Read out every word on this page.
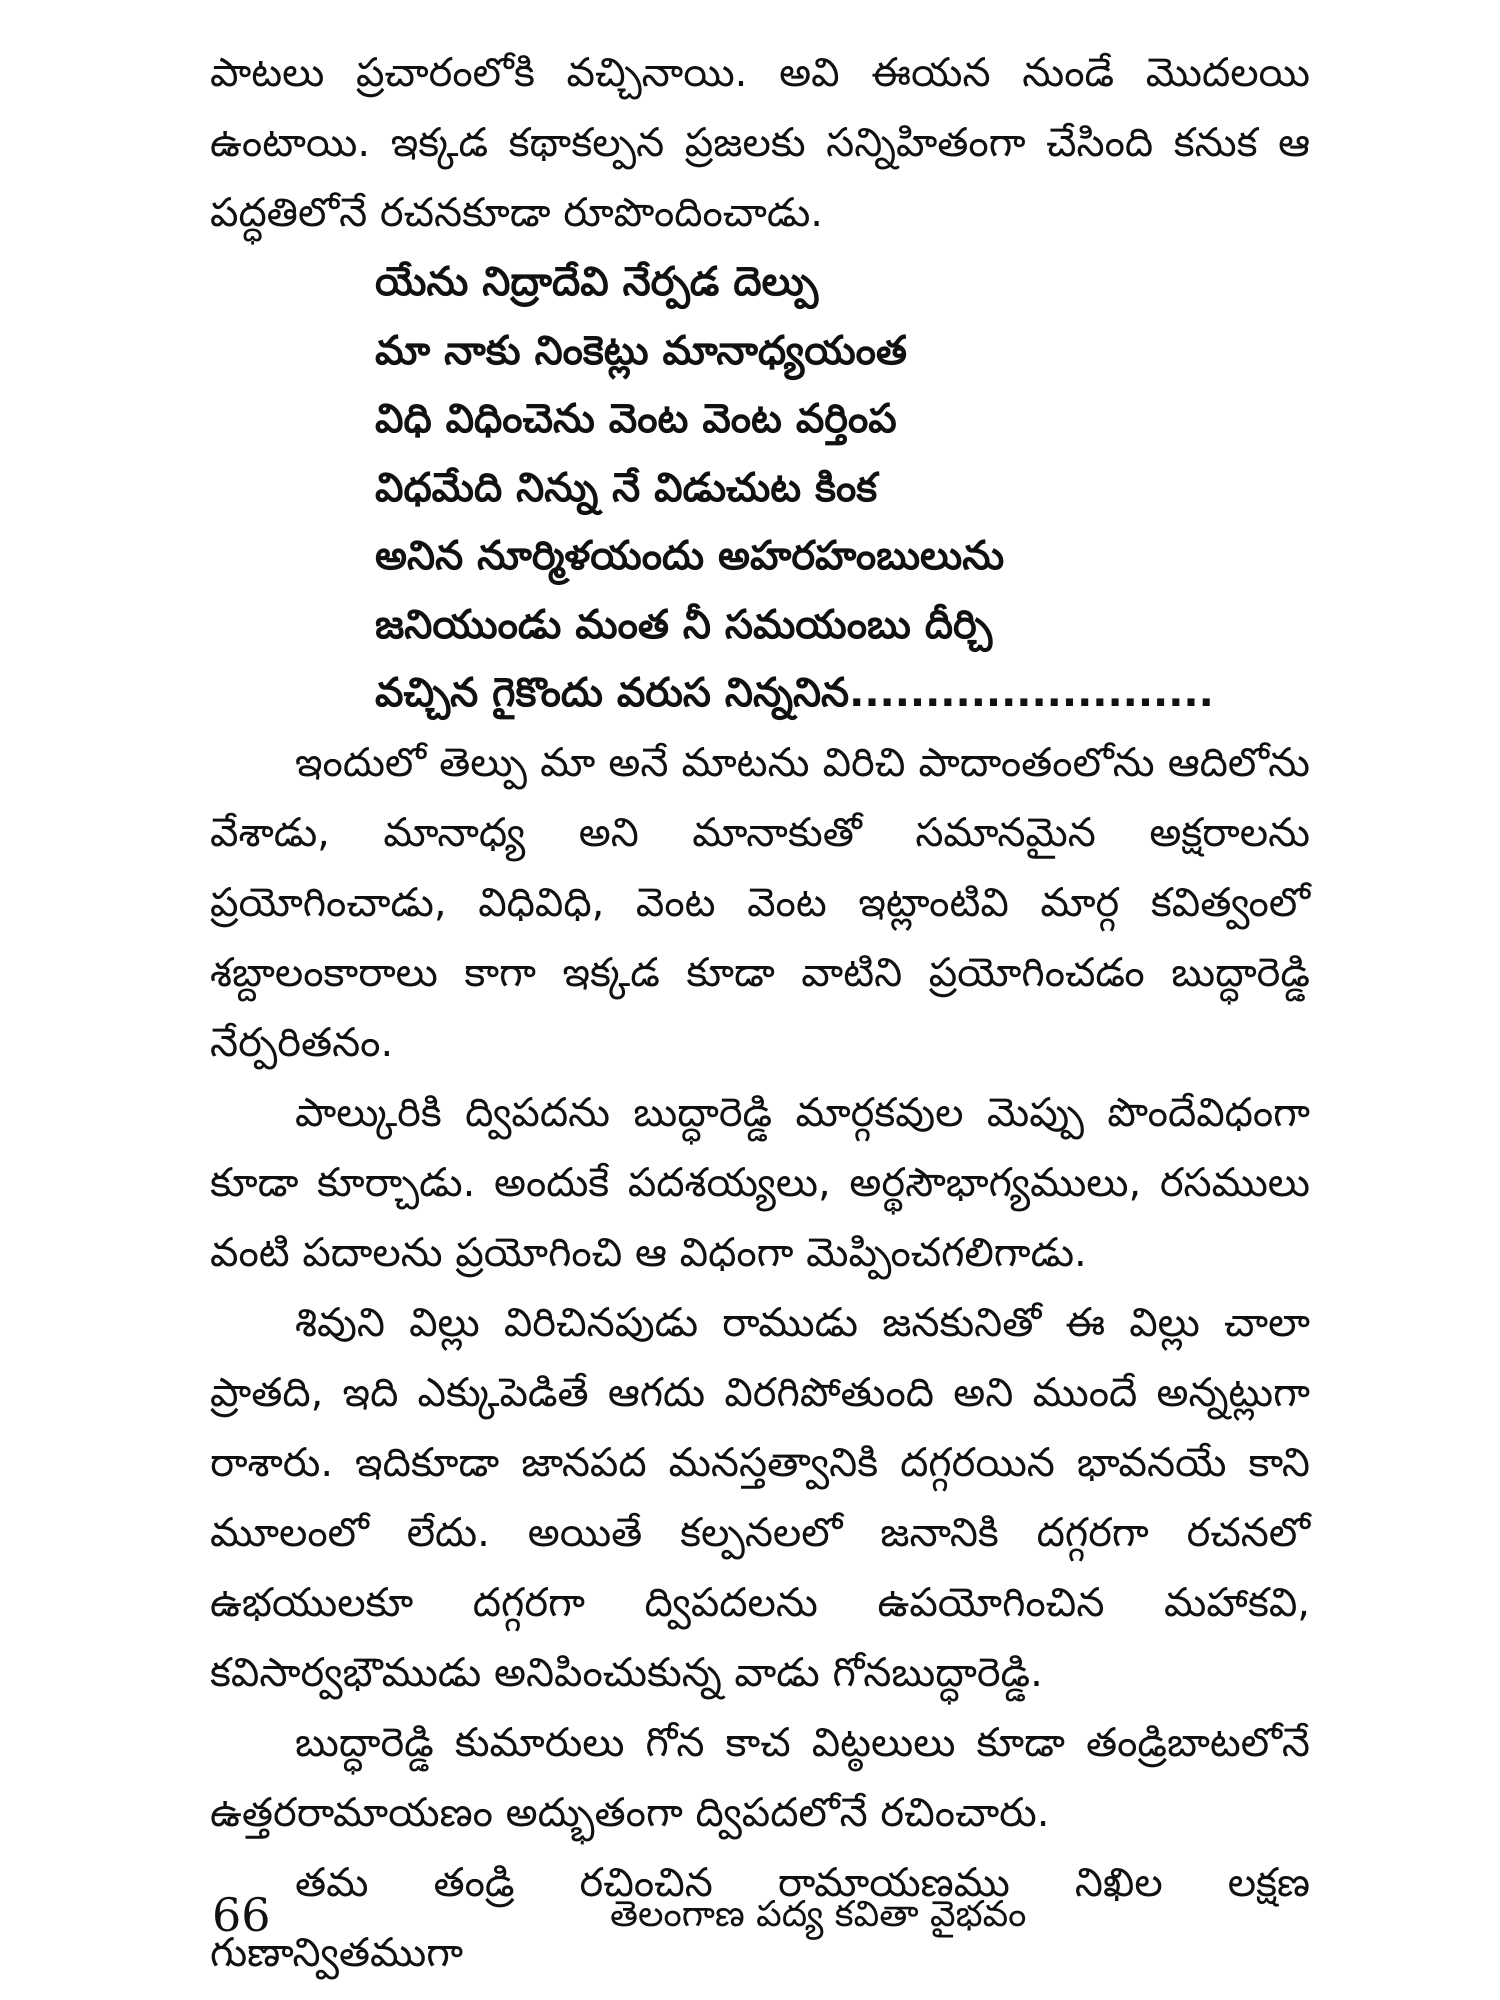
పాటలు ప్రచారంలోకి వచ్చినాయి. అవి ఈయన నుండే మొదలయి ఉంటాయి. ఇక్కడ కథాకల్పన ప్రజలకు సన్నిహితంగా చేసింది కనుక ఆ పద్ధతిలోనే రచనకూడా రూపొందించాడు.

యేను నిద్రాదేవి నేర్పడ దెల్పు
మా నాకు నింకెట్లు మానాధ్యయంత
విధి విధించెను వెంట వెంట వర్తింప
విధమేది నిన్ను నే విడుచుట కింక
అనిన నూర్మిళయందు అహరహంబులును
జనియుండు మంత నీ సమయంబు దీర్చి
వచ్చిన గైకొందు వరుస నిన్ననిన........................

ఇందులో తెల్పు మా అనే మాటను విరిచి పాదాంతంలోను ఆదిలోను వేశాడు, మానాధ్య అని మానాకుతో సమానమైన అక్షరాలను ప్రయోగించాడు, విధివిధి, వెంట వెంట ఇట్లాంటివి మార్గ కవిత్వంలో శబ్దాలంకారాలు కాగా ఇక్కడ కూడా వాటిని ప్రయోగించడం బుద్ధారెడ్డి నేర్పరితనం.

పాల్కురికి ద్విపదను బుద్ధారెడ్డి మార్గకవుల మెప్పు పొందేవిధంగా కూడా కూర్చాడు. అందుకే పదశయ్యలు, అర్థసౌభాగ్యములు, రసములు వంటి పదాలను ప్రయోగించి ఆ విధంగా మెప్పించగలిగాడు.

శివుని విల్లు విరిచినపుడు రాముడు జనకునితో ఈ విల్లు చాలా ప్రాతది, ఇది ఎక్కుపెడితే ఆగదు విరగిపోతుంది అని ముందే అన్నట్లుగా రాశారు. ఇదికూడా జానపద మనస్తత్వానికి దగ్గరయిన భావనయే కాని మూలంలో లేదు. అయితే కల్పనలలో జనానికి దగ్గరగా రచనలో ఉభయులకూ దగ్గరగా ద్విపదలను ఉపయోగించిన మహాకవి, కవిసార్వభౌముడు అనిపించుకున్న వాడు గోనబుద్ధారెడ్డి.

బుద్ధారెడ్డి కుమారులు గోన కాచ విట్ఠలులు కూడా తండ్రిబాటలోనే ఉత్తరరామాయణం అద్భుతంగా ద్విపదలోనే రచించారు.

తమ తండ్రి రచించిన రామాయణము నిఖిల లక్షణ గుణాన్వితముగా

66	తెలంగాణ పద్య కవితా వైభవం
